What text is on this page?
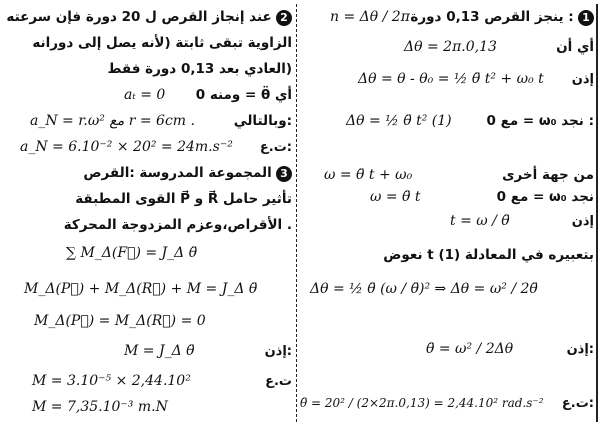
ينجز القرص 0,13 دورة : 1
n = Δθ / 2π
أي أن
Δθ = 2π.0,13
إذن
Δθ = θ - θ₀ = ½ θ̈ t² + ω₀ t
مع 0 = ω₀ نجد :
Δθ = ½ θ̈ t² (1)
من جهة أخرى
ω = θ̈ t + ω₀
مع 0 = ω₀ نجد
ω = θ̈ t
إذن
t = ω / θ̈
نعوض t بتعبيره في المعادلة (1)
Δθ = ½ θ̈ (ω / θ̈)² ⇒ Δθ = ω² / 2θ̈
إذن:
θ̈ = ω² / 2Δθ
ت.ع:
θ̈ = 20² / (2×2π.0,13) = 2,44.10² rad.s⁻²
عند إنجاز القرص ل 20 دورة فإن سرعته 2
الزاوية تبقى ثابتة (لأنه يصل إلى دورانه
العادي بعد 0,13 دورة فقط)
ومنه 0 = θ̈ أي
aₜ = 0
وبالتالي:
a_N = r.ω² مع r = 6cm .
ت.ع:
a_N = 6.10⁻² × 20² = 24m.s⁻²
المجموعة المدروسة :القرص 3
القوى المطبقة P⃗ و R⃗ تأثير حامل
الأقراص،وعزم المزدوجة المحركة .
∑ M_Δ(F⃗) = J_Δ θ̈
M_Δ(P⃗) + M_Δ(R⃗) + M = J_Δ θ̈
M_Δ(P⃗) = M_Δ(R⃗) = 0
إذن:
M = J_Δ θ̈
ت.ع
M = 3.10⁻⁵ × 2,44.10²
M = 7,35.10⁻³ m.N
